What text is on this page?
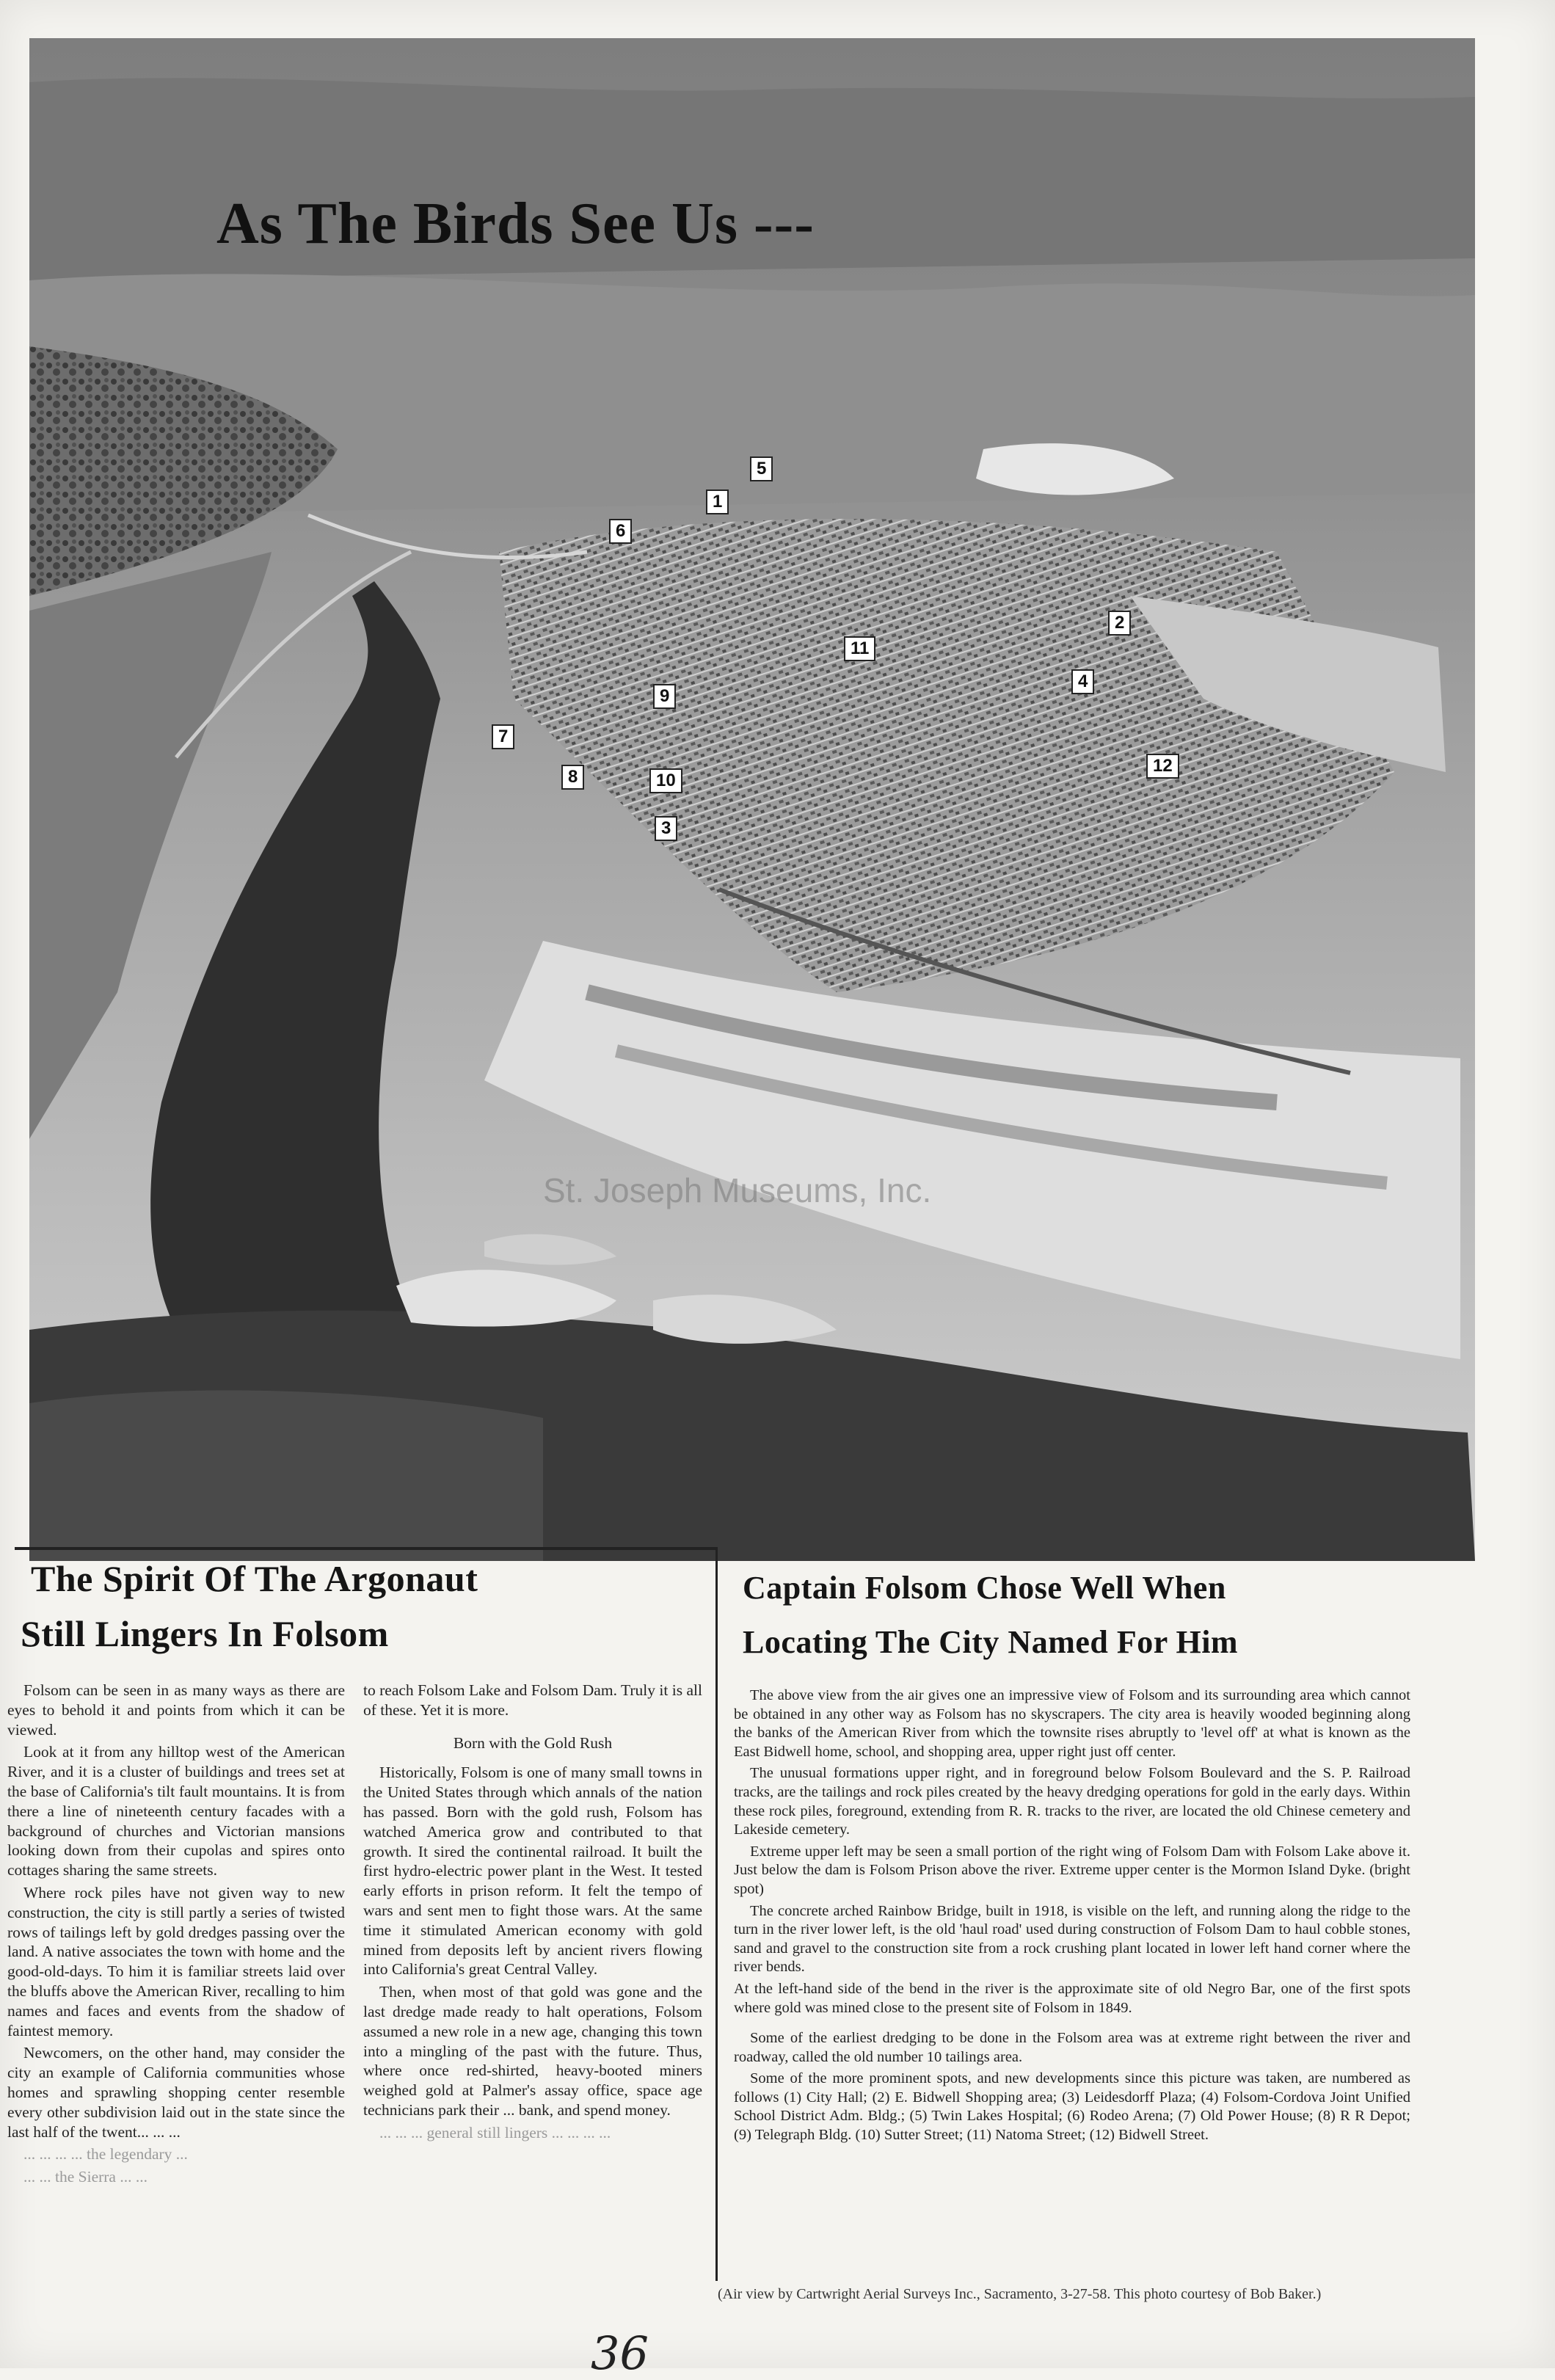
As The Birds See Us ---
5
1
6
2
11
4
9
7
12
8	10
3
St. Joseph Museums, Inc.
The Spirit Of The Argonaut
Still Lingers In Folsom

Folsom can be seen in as many ways as there are eyes to behold it and points from which it can be viewed.

Look at it from any hilltop west of the American River, and it is a cluster of buildings and trees set at the base of California's tilt fault mountains. It is from there a line of nineteenth century facades with a background of churches and Victorian mansions looking down from their cupolas and spires onto cottages sharing the same streets.

Where rock piles have not given way to new construction, the city is still partly a series of twisted rows of tailings left by gold dredges passing over the land. A native associates the town with home and the good-old-days. To him it is familiar streets laid over the bluffs above the American River, recalling to him names and faces and events from the shadow of faintest memory.

Newcomers, on the other hand, may consider the city an example of California communities whose homes and sprawling shopping center resemble every other subdivision laid out in the state since the last half of the twent... ... ...

... ... ... ... the legendary ...

... ... the Sierra ... ...

to reach Folsom Lake and Folsom Dam. Truly it is all of these. Yet it is more.

Born with the Gold Rush

Historically, Folsom is one of many small towns in the United States through which annals of the nation has passed. Born with the gold rush, Folsom has watched America grow and contributed to that growth. It sired the continental railroad. It built the first hydro-electric power plant in the West. It tested early efforts in prison reform. It felt the tempo of wars and sent men to fight those wars. At the same time it stimulated American economy with gold mined from deposits left by ancient rivers flowing into California's great Central Valley.

Then, when most of that gold was gone and the last dredge made ready to halt operations, Folsom assumed a new role in a new age, changing this town into a mingling of the past with the future. Thus, where once red-shirted, heavy-booted miners weighed gold at Palmer's assay office, space age technicians park their ... bank, and spend money.

... ... ... general still lingers ... ... ... ...

Captain Folsom Chose Well When
Locating The City Named For Him

The above view from the air gives one an impressive view of Folsom and its surrounding area which cannot be obtained in any other way as Folsom has no skyscrapers. The city area is heavily wooded beginning along the banks of the American River from which the townsite rises abruptly to 'level off' at what is known as the East Bidwell home, school, and shopping area, upper right just off center.

The unusual formations upper right, and in foreground below Folsom Boulevard and the S. P. Railroad tracks, are the tailings and rock piles created by the heavy dredging operations for gold in the early days. Within these rock piles, foreground, extending from R. R. tracks to the river, are located the old Chinese cemetery and Lakeside cemetery.

Extreme upper left may be seen a small portion of the right wing of Folsom Dam with Folsom Lake above it. Just below the dam is Folsom Prison above the river. Extreme upper center is the Mormon Island Dyke. (bright spot)

The concrete arched Rainbow Bridge, built in 1918, is visible on the left, and running along the ridge to the turn in the river lower left, is the old 'haul road' used during construction of Folsom Dam to haul cobble stones, sand and gravel to the construction site from a rock crushing plant located in lower left hand corner where the river bends.

At the left-hand side of the bend in the river is the approximate site of old Negro Bar, one of the first spots where gold was mined close to the present site of Folsom in 1849.

Some of the earliest dredging to be done in the Folsom area was at extreme right between the river and roadway, called the old number 10 tailings area.

Some of the more prominent spots, and new developments since this picture was taken, are numbered as follows (1) City Hall; (2) E. Bidwell Shopping area; (3) Leidesdorff Plaza; (4) Folsom-Cordova Joint Unified School District Adm. Bldg.; (5) Twin Lakes Hospital; (6) Rodeo Arena; (7) Old Power House; (8) R R Depot; (9) Telegraph Bldg. (10) Sutter Street; (11) Natoma Street; (12) Bidwell Street.

(Air view by Cartwright Aerial Surveys Inc., Sacramento, 3-27-58. This photo courtesy of Bob Baker.)
36
